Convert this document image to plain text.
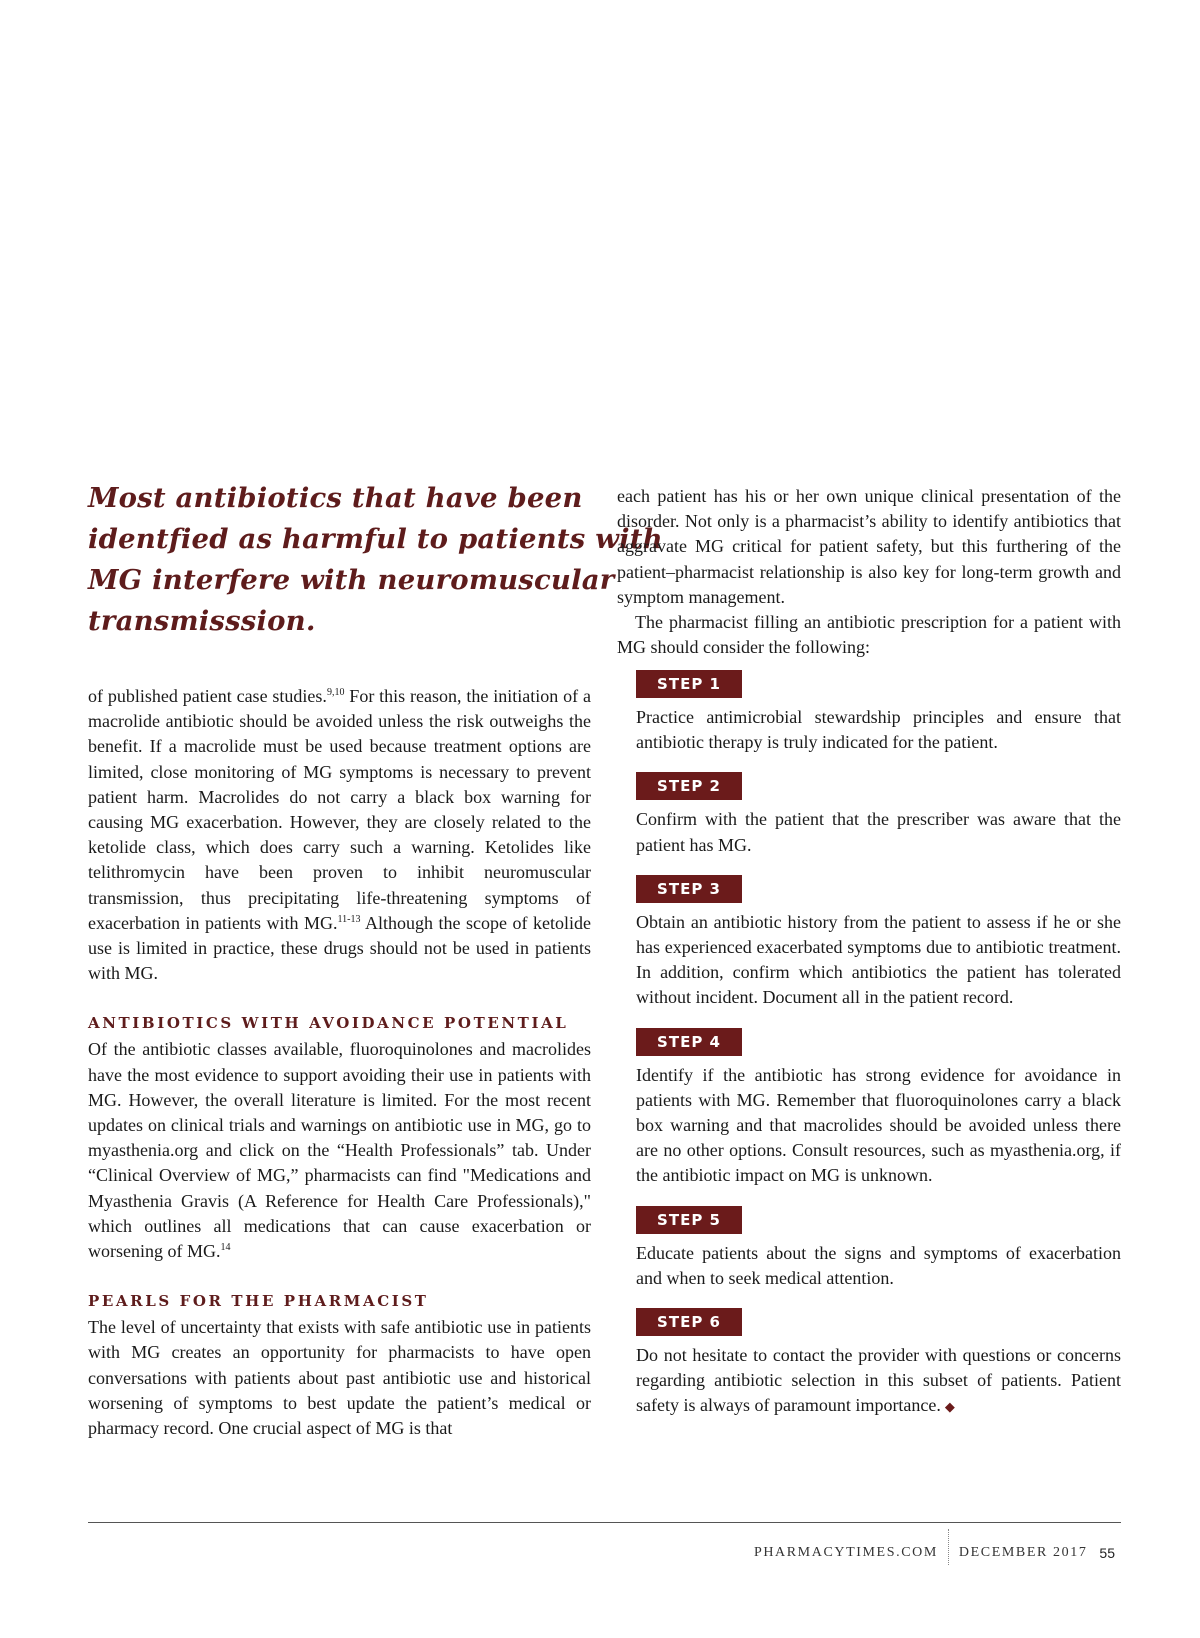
Most antibiotics that have been
identfied as harmful to patients with
MG interfere with neuromuscular
transmisssion.

of published patient case studies.$^{9,10}$ For this reason, the initiation of a macrolide antibiotic should be avoided unless the risk outweighs the benefit. If a macrolide must be used because treatment options are limited, close monitoring of MG symptoms is necessary to prevent patient harm. Macrolides do not carry a black box warning for causing MG exacerbation. However, they are closely related to the ketolide class, which does carry such a warning. Ketolides like telithromycin have been proven to inhibit neuromuscular transmission, thus precipitating life-threatening symptoms of exacerbation in patients with MG.$^{11-13}$ Although the scope of ketolide use is limited in practice, these drugs should not be used in patients with MG.

ANTIBIOTICS WITH AVOIDANCE POTENTIAL

Of the antibiotic classes available, fluoroquinolones and macrolides have the most evidence to support avoiding their use in patients with MG. However, the overall literature is limited. For the most recent updates on clinical trials and warnings on antibiotic use in MG, go to myasthenia.org and click on the “Health Professionals” tab. Under “Clinical Overview of MG,” pharmacists can find "Medications and Myasthenia Gravis (A Reference for Health Care Professionals)," which outlines all medications that can cause exacerbation or worsening of MG.$^{14}$

PEARLS FOR THE PHARMACIST

The level of uncertainty that exists with safe antibiotic use in patients with MG creates an opportunity for pharmacists to have open conversations with patients about past antibiotic use and historical worsening of symptoms to best update the patient’s medical or pharmacy record. One crucial aspect of MG is that

each patient has his or her own unique clinical presentation of the disorder. Not only is a pharmacist’s ability to identify antibiotics that aggravate MG critical for patient safety, but this furthering of the patient–pharmacist relationship is also key for long-term growth and symptom management.

The pharmacist filling an antibiotic prescription for a patient with MG should consider the following:

STEP 1

Practice antimicrobial stewardship principles and ensure that antibiotic therapy is truly indicated for the patient.

STEP 2

Confirm with the patient that the prescriber was aware that the patient has MG.

STEP 3

Obtain an antibiotic history from the patient to assess if he or she has experienced exacerbated symptoms due to antibiotic treatment. In addition, confirm which antibiotics the patient has tolerated without incident. Document all in the patient record.

STEP 4

Identify if the antibiotic has strong evidence for avoidance in patients with MG. Remember that fluoroquinolones carry a black box warning and that macrolides should be avoided unless there are no other options. Consult resources, such as myasthenia.org, if the antibiotic impact on MG is unknown.

STEP 5

Educate patients about the signs and symptoms of exacerbation and when to seek medical attention.

STEP 6

Do not hesitate to contact the provider with questions or concerns regarding antibiotic selection in this subset of patients. Patient safety is always of paramount importance. ◆

PHARMACYTIMES.COM DECEMBER 2017 55
